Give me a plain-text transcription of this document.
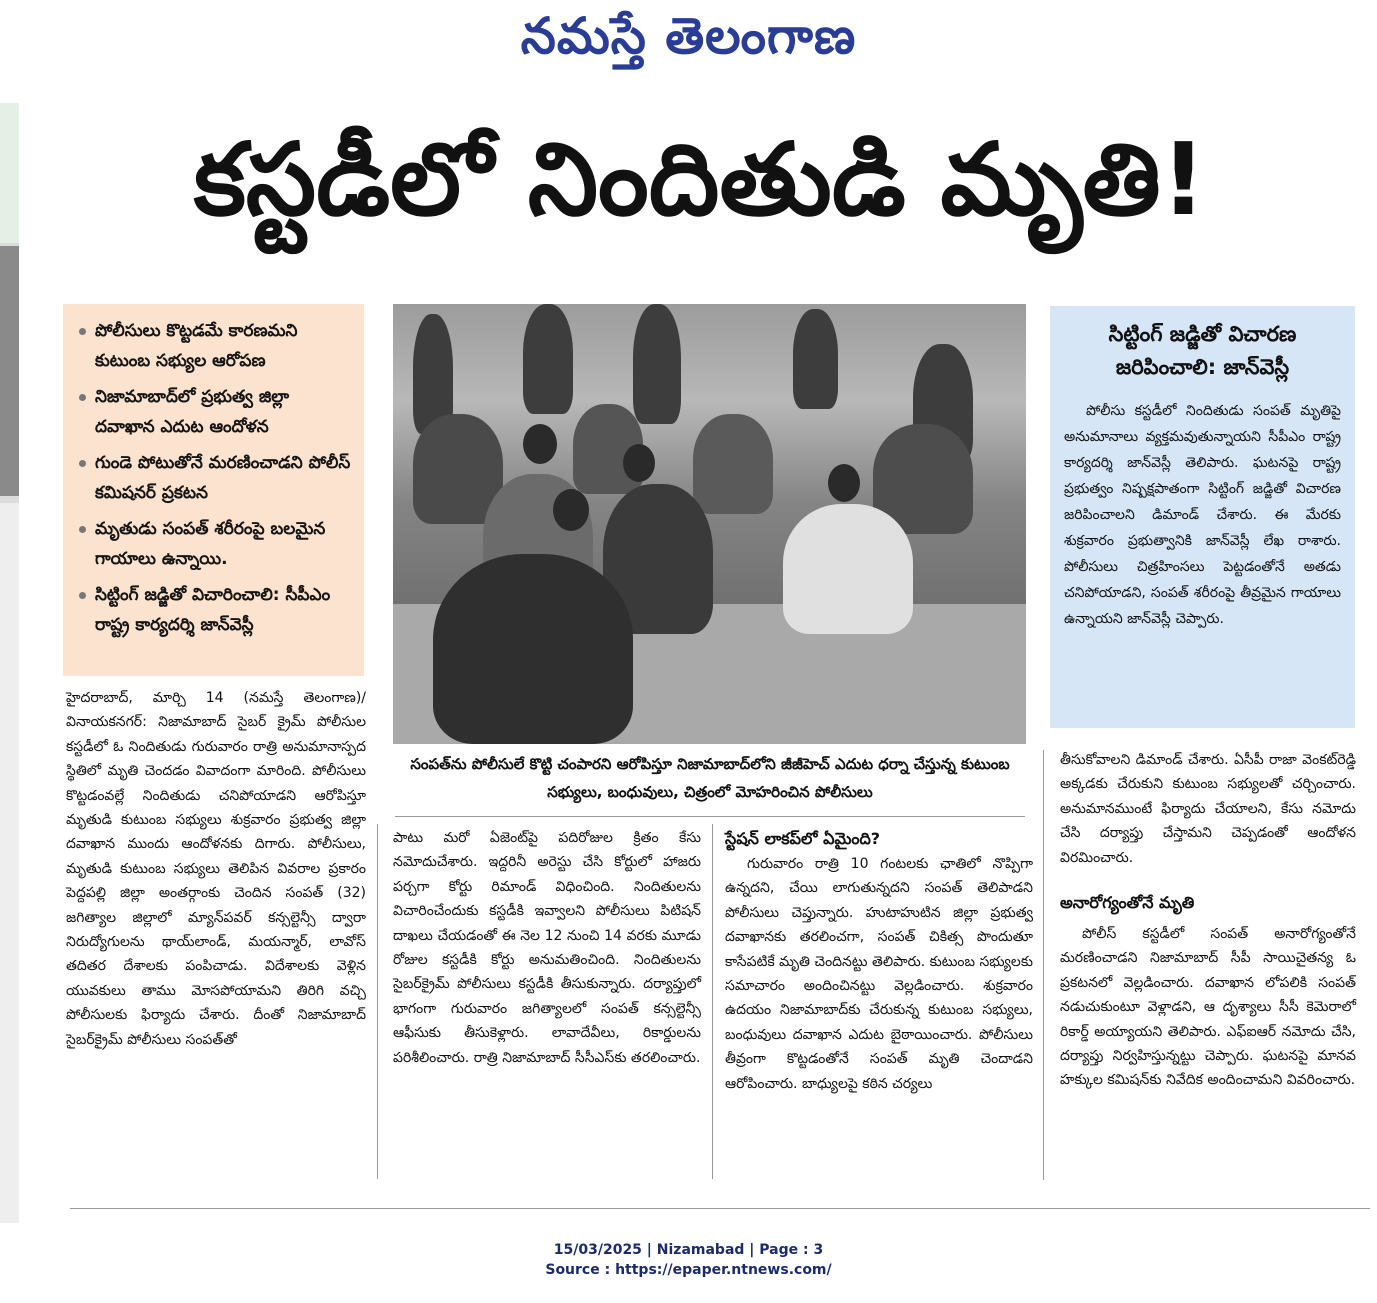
నమస్తే తెలంగాణ
కస్టడీలో నిందితుడి మృతి!
పోలీసులు కొట్టడమే కారణమని కుటుంబ సభ్యుల ఆరోపణ
నిజామాబాద్‌లో ప్రభుత్వ జిల్లా దవాఖాన ఎదుట ఆందోళన
గుండె పోటుతోనే మరణించాడని పోలీస్ కమిషనర్ ప్రకటన
మృతుడు సంపత్ శరీరంపై బలమైన గాయాలు ఉన్నాయి.
సిట్టింగ్ జడ్జితో విచారించాలి: సీపీఎం రాష్ట్ర కార్యదర్శి జాన్‌వెస్లీ
సంపత్‌ను పోలీసులే కొట్టి చంపారని ఆరోపిస్తూ నిజామాబాద్‌లోని జీజీహెచ్ ఎదుట ధర్నా చేస్తున్న కుటుంబ సభ్యులు, బంధువులు, చిత్రంలో మోహరించిన పోలీసులు
సిట్టింగ్ జడ్జితో విచారణ జరిపించాలి: జాన్‌వెస్లీ
పోలీసు కస్టడీలో నిందితుడు సంపత్ మృతిపై అనుమానాలు వ్యక్తమవుతున్నాయని సీపీఎం రాష్ట్ర కార్యదర్శి జాన్‌వెస్లీ తెలిపారు. ఘటనపై రాష్ట్ర ప్రభుత్వం నిష్పక్షపాతంగా సిట్టింగ్ జడ్జితో విచారణ జరిపించాలని డిమాండ్ చేశారు. ఈ మేరకు శుక్రవారం ప్రభుత్వానికి జాన్‌వెస్లీ లేఖ రాశారు. పోలీసులు చిత్రహింసలు పెట్టడంతోనే అతడు చనిపోయాడని, సంపత్ శరీరంపై తీవ్రమైన గాయాలు ఉన్నాయని జాన్‌వెస్లీ చెప్పారు.

హైదరాబాద్, మార్చి 14 (నమస్తే తెలంగాణ)/వినాయకనగర్: నిజామాబాద్ సైబర్ క్రైమ్ పోలీసుల కస్టడీలో ఓ నిందితుడు గురువారం రాత్రి అనుమానాస్పద స్థితిలో మృతి చెందడం వివాదంగా మారింది. పోలీసులు కొట్టడంవల్లే నిందితుడు చనిపోయాడని ఆరోపిస్తూ మృతుడి కుటుంబ సభ్యులు శుక్రవారం ప్రభుత్వ జిల్లా దవాఖాన ముందు ఆందోళనకు దిగారు. పోలీసులు, మృతుడి కుటుంబ సభ్యులు తెలిపిన వివరాల ప్రకారం పెద్దపల్లి జిల్లా అంతర్గాంకు చెందిన సంపత్ (32) జగిత్యాల జిల్లాలో మ్యాన్‌పవర్ కన్సల్టెన్సీ ద్వారా నిరుద్యోగులను థాయ్‌లాండ్, మయన్మార్, లావోస్ తదితర దేశాలకు పంపిచాడు. విదేశాలకు వెళ్లిన యువకులు తాము మోసపోయామని తిరిగి వచ్చి పోలీసులకు ఫిర్యాదు చేశారు. దీంతో నిజామాబాద్ సైబర్‌క్రైమ్ పోలీసులు సంపత్‌తో

పాటు మరో ఏజెంట్‌పై పదిరోజుల క్రితం కేసు నమోదుచేశారు. ఇద్దరినీ అరెస్టు చేసి కోర్టులో హాజరు పర్చగా కోర్టు రిమాండ్ విధించింది. నిందితులను విచారించేందుకు కస్టడీకి ఇవ్వాలని పోలీసులు పిటిషన్ దాఖలు చేయడంతో ఈ నెల 12 నుంచి 14 వరకు మూడు రోజుల కస్టడీకి కోర్టు అనుమతించింది. నిందితులను సైబర్‌క్రైమ్ పోలీసులు కస్టడీకి తీసుకున్నారు. దర్యాప్తులో భాగంగా గురువారం జగిత్యాలలో సంపత్ కన్సల్టెన్సీ ఆఫీసుకు తీసుకెళ్లారు. లావాదేవీలు, రికార్డులను పరిశీలించారు. రాత్రి నిజామాబాద్ సీసీఎస్‌కు తరలించారు.

స్టేషన్ లాకప్‌లో ఏమైంది?

గురువారం రాత్రి 10 గంటలకు ఛాతిలో నొప్పిగా ఉన్నదని, చేయి లాగుతున్నదని సంపత్ తెలిపాడని పోలీసులు చెప్తున్నారు. హుటాహుటిన జిల్లా ప్రభుత్వ దవాఖానకు తరలించగా, సంపత్ చికిత్స పొందుతూ కాసేపటికే మృతి చెందినట్టు తెలిపారు. కుటుంబ సభ్యులకు సమాచారం అందించినట్టు వెల్లడించారు. శుక్రవారం ఉదయం నిజామాబాద్‌కు చేరుకున్న కుటుంబ సభ్యులు, బంధువులు దవాఖాన ఎదుట బైఠాయించారు. పోలీసులు తీవ్రంగా కొట్టడంతోనే సంపత్ మృతి చెందాడని ఆరోపించారు. బాధ్యులపై కఠిన చర్యలు

తీసుకోవాలని డిమాండ్ చేశారు. ఏసీపీ రాజా వెంకట్‌రెడ్డి అక్కడకు చేరుకుని కుటుంబ సభ్యులతో చర్చించారు. అనుమానముంటే ఫిర్యాదు చేయాలని, కేసు నమోదు చేసి దర్యాప్తు చేస్తామని చెప్పడంతో ఆందోళన విరమించారు.

అనారోగ్యంతోనే మృతి

పోలీస్ కస్టడీలో సంపత్ అనారోగ్యంతోనే మరణించాడని నిజామాబాద్ సీపీ సాయిచైతన్య ఓ ప్రకటనలో వెల్లడించారు. దవాఖాన లోపలికి సంపత్ నడుచుకుంటూ వెళ్లాడని, ఆ దృశ్యాలు సీసీ కెమెరాలో రికార్డ్ అయ్యాయని తెలిపారు. ఎఫ్ఐఆర్ నమోదు చేసి, దర్యాప్తు నిర్వహిస్తున్నట్టు చెప్పారు. ఘటనపై మానవ హక్కుల కమిషన్‌కు నివేదిక అందించామని వివరించారు.

15/03/2025 | Nizamabad | Page : 3
Source : https://epaper.ntnews.com/
